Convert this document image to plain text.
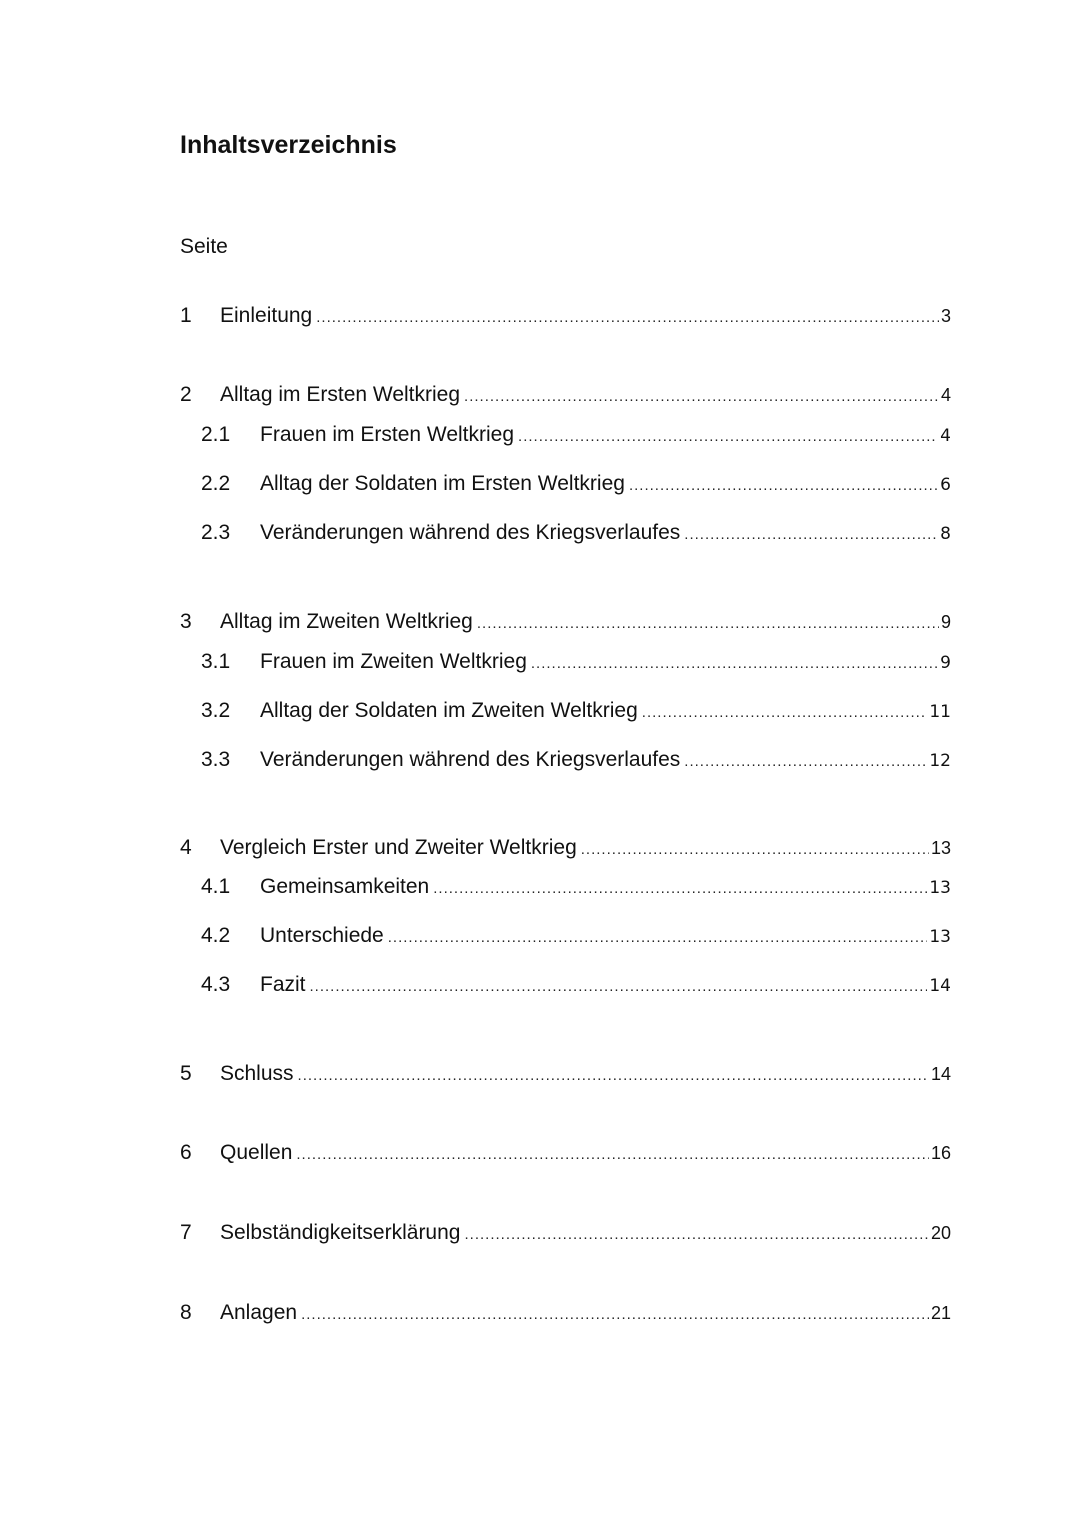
Inhaltsverzeichnis
Seite
1 Einleitung .....	3
2 Alltag im Ersten Weltkrieg .....	4
2.1 Frauen im Ersten Weltkrieg .....	4
2.2 Alltag der Soldaten im Ersten Weltkrieg .....	6
2.3 Veränderungen während des Kriegsverlaufes .....	8
3 Alltag im Zweiten Weltkrieg .....	9
3.1 Frauen im Zweiten Weltkrieg .....	9
3.2 Alltag der Soldaten im Zweiten Weltkrieg .....	11
3.3 Veränderungen während des Kriegsverlaufes .....	12
4 Vergleich Erster und Zweiter Weltkrieg .....	13
4.1 Gemeinsamkeiten .....	13
4.2 Unterschiede .....	13
4.3 Fazit .....	14
5 Schluss .....	14
6 Quellen .....	16
7 Selbständigkeitserklärung .....	20
8 Anlagen .....	21
